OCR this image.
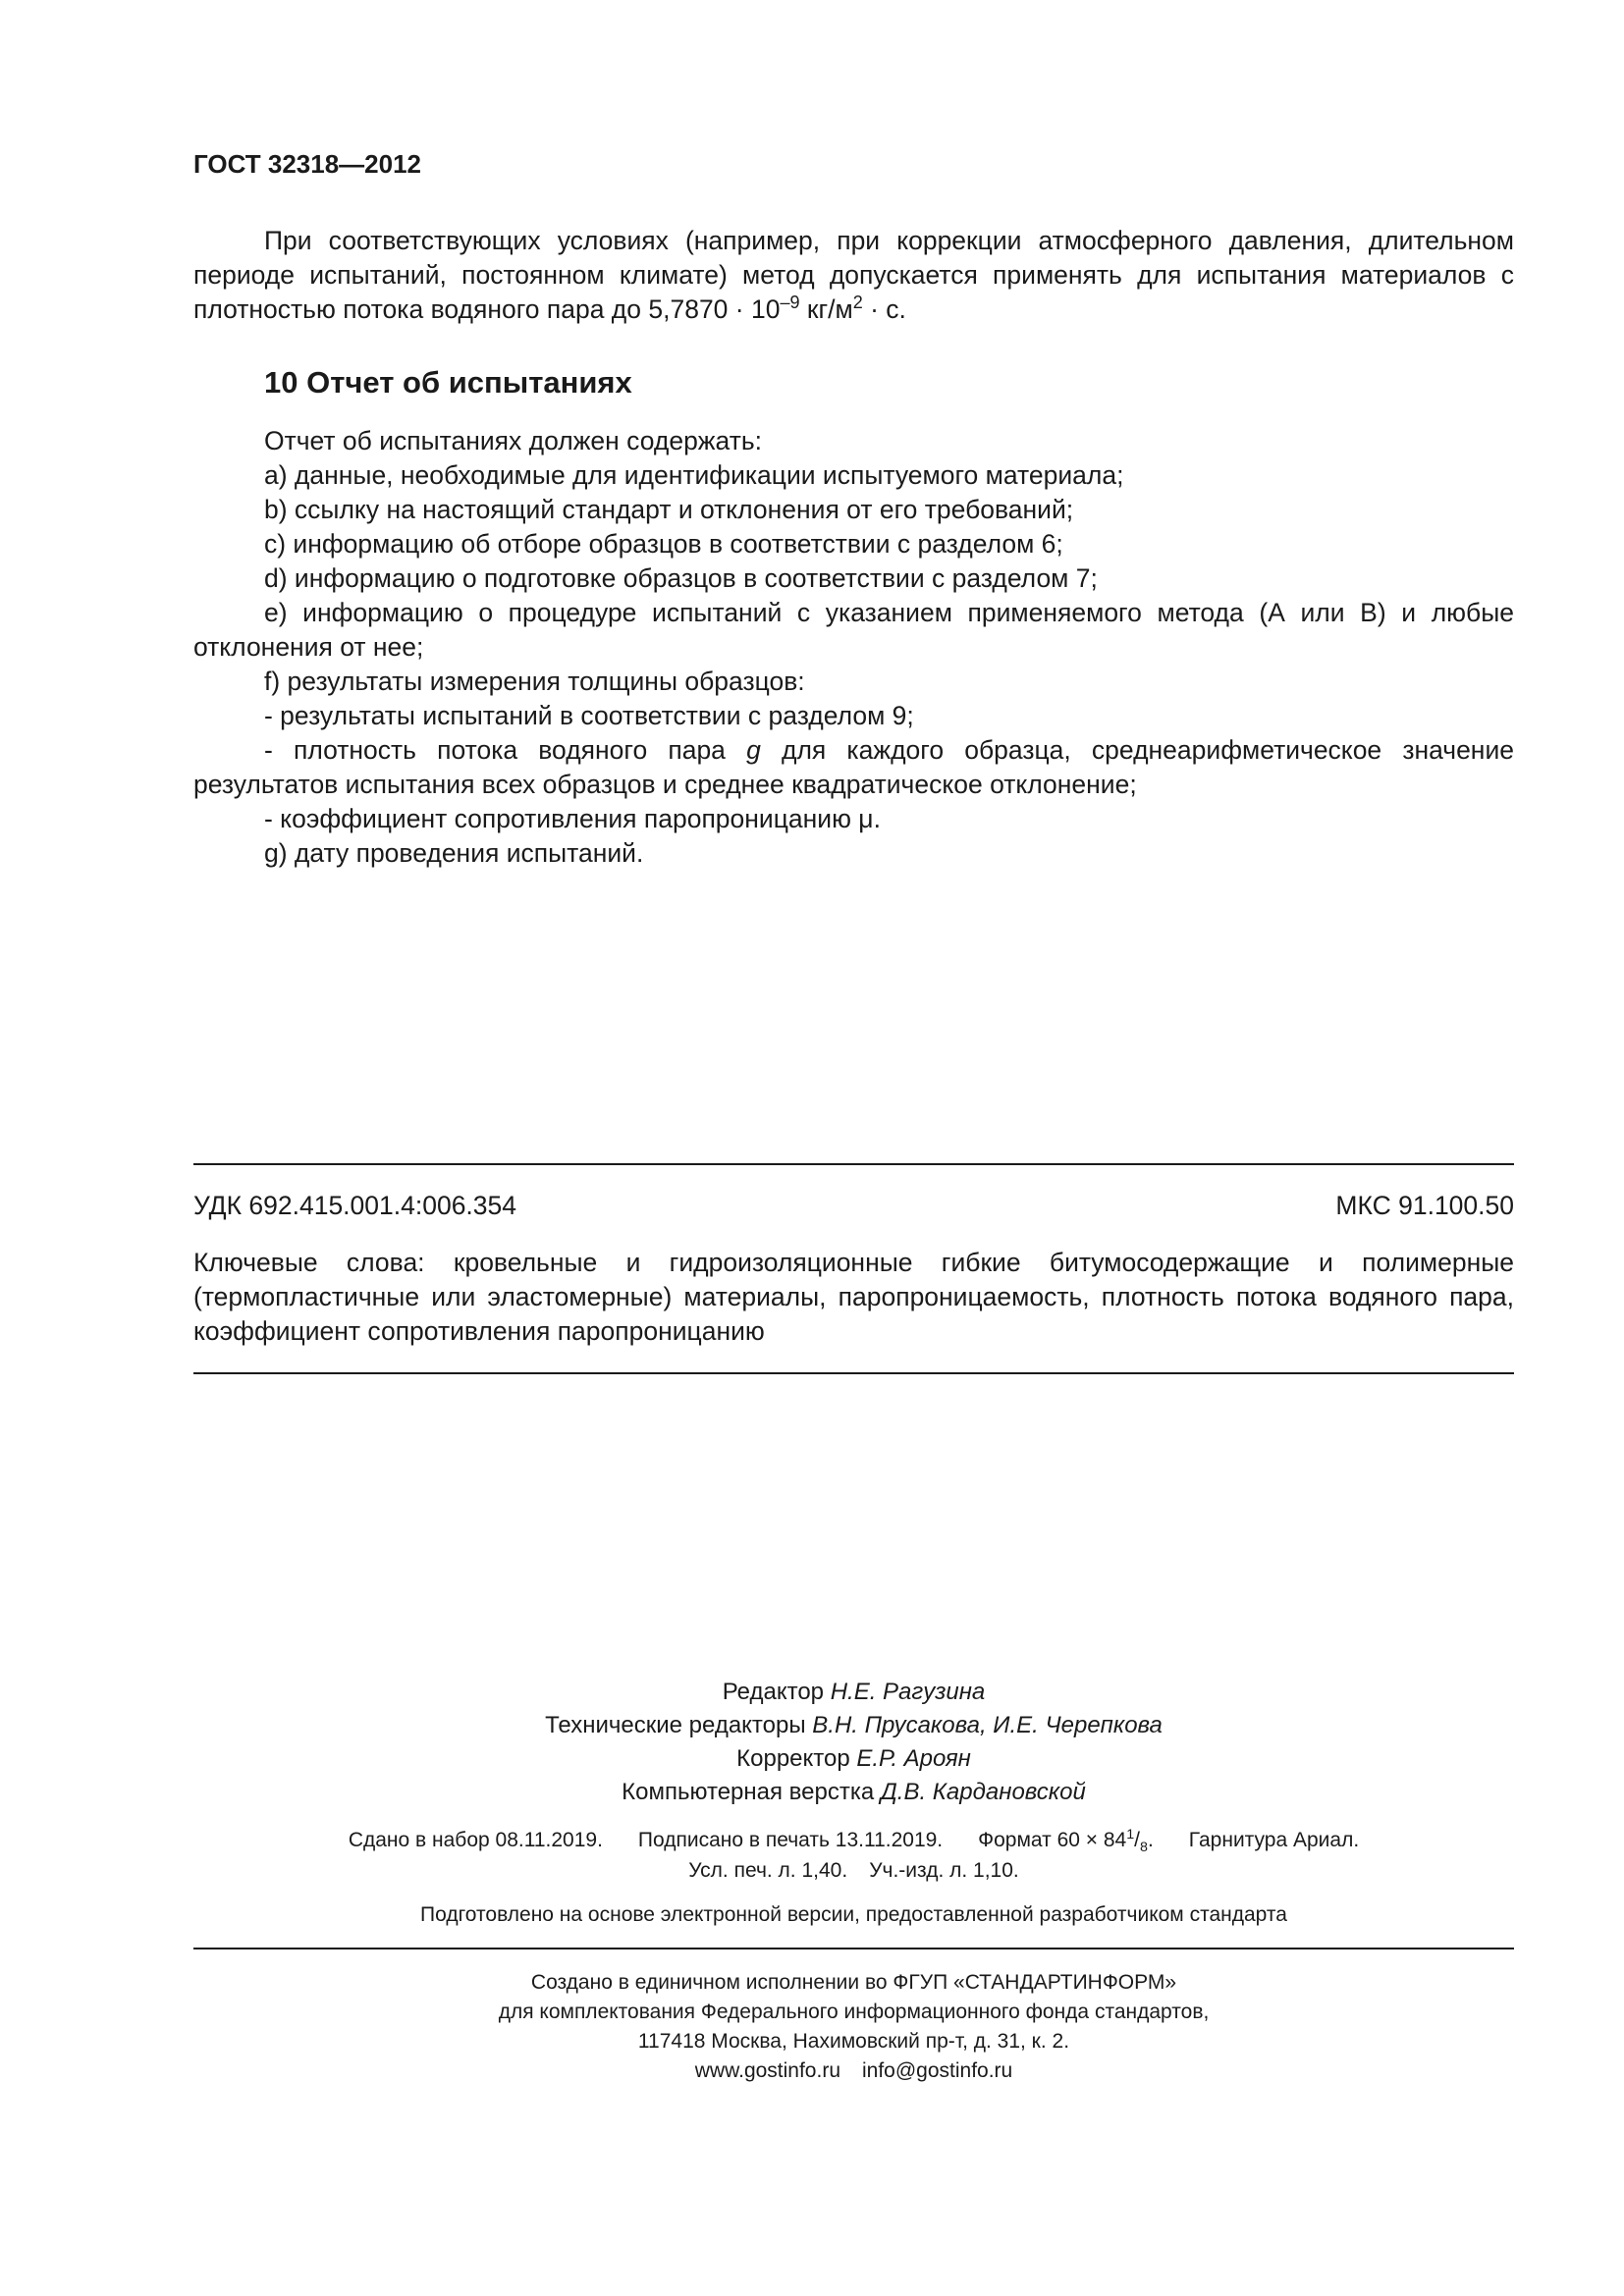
ГОСТ 32318—2012

При соответствующих условиях (например, при коррекции атмосферного давления, длительном периоде испытаний, постоянном климате) метод допускается применять для испытания материалов с плотностью потока водяного пара до $5,7870 \cdot 10^{-9}$ $кг/м^2 \cdot с$.

10 Отчет об испытаниях
Отчет об испытаниях должен содержать:
а) данные, необходимые для идентификации испытуемого материала;
b) ссылку на настоящий стандарт и отклонения от его требований;
с) информацию об отборе образцов в соответствии с разделом 6;
d) информацию о подготовке образцов в соответствии с разделом 7;
е) информацию о процедуре испытаний с указанием применяемого метода (А или В) и любые отклонения от нее;
f) результаты измерения толщины образцов:
- результаты испытаний в соответствии с разделом 9;
- плотность потока водяного пара g для каждого образца, среднеарифметическое значение результатов испытания всех образцов и среднее квадратическое отклонение;
- коэффициент сопротивления паропроницанию μ.
g) дату проведения испытаний.
УДК 692.415.001.4:006.354	МКС 91.100.50

Ключевые слова: кровельные и гидроизоляционные гибкие битумосодержащие и полимерные (термопластичные или эластомерные) материалы, паропроницаемость, плотность потока водяного пара, коэффициент сопротивления паропроницанию

Редактор Н.Е. Рагузина
Технические редакторы В.Н. Прусакова, И.Е. Черепкова
Корректор Е.Р. Ароян
Компьютерная верстка Д.В. Кардановской
Сдано в набор 08.11.2019. Подписано в печать 13.11.2019. Формат $60 \times 84^1/_8$. Гарнитура Ариал.
Усл. печ. л. 1,40. Уч.-изд. л. 1,10.
Подготовлено на основе электронной версии, предоставленной разработчиком стандарта
Создано в единичном исполнении во ФГУП «СТАНДАРТИНФОРМ»
для комплектования Федерального информационного фонда стандартов,
117418 Москва, Нахимовский пр-т, д. 31, к. 2.
www.gostinfo.ru info@gostinfo.ru
